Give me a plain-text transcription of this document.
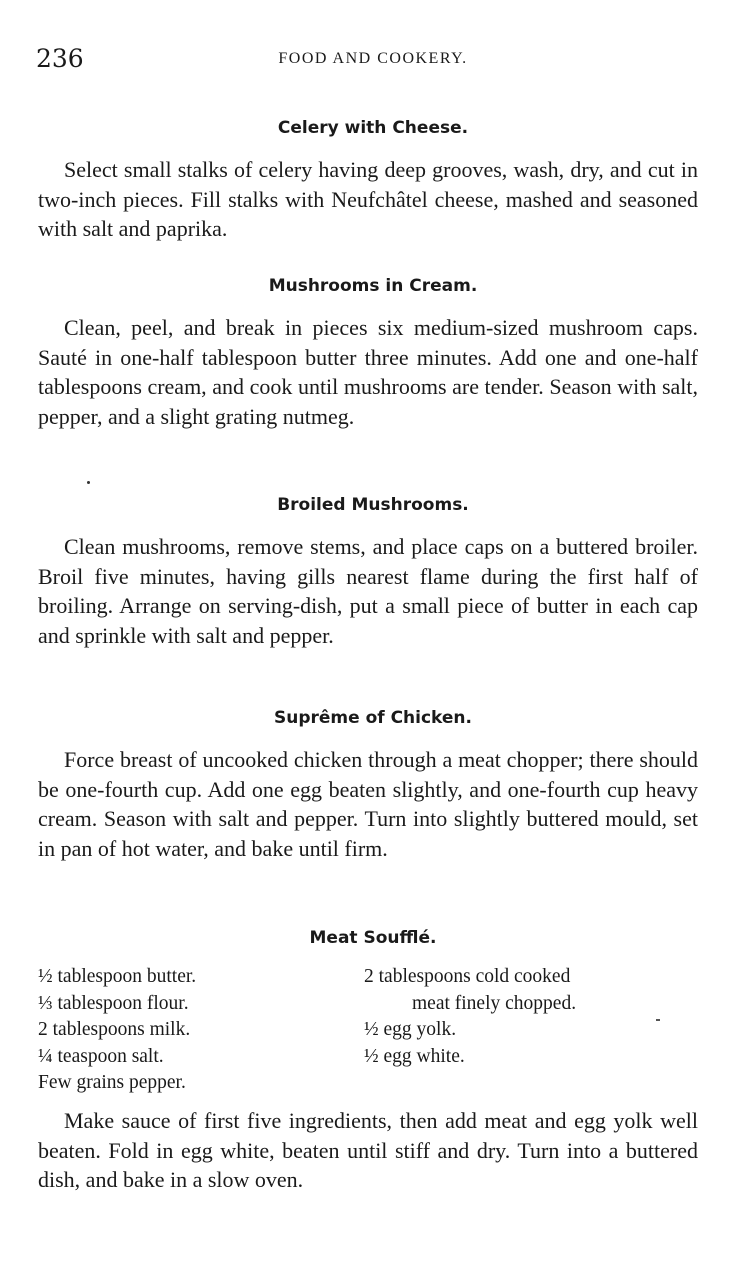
236	FOOD AND COOKERY.
Celery with Cheese.

Select small stalks of celery having deep grooves, wash, dry, and cut in two-inch pieces. Fill stalks with Neufchâtel cheese, mashed and seasoned with salt and paprika.

Mushrooms in Cream.

Clean, peel, and break in pieces six medium-sized mushroom caps. Sauté in one-half tablespoon butter three minutes. Add one and one-half tablespoons cream, and cook until mushrooms are tender. Season with salt, pepper, and a slight grating nutmeg.

Broiled Mushrooms.

Clean mushrooms, remove stems, and place caps on a buttered broiler. Broil five minutes, having gills nearest flame during the first half of broiling. Arrange on serving-dish, put a small piece of butter in each cap and sprinkle with salt and pepper.

Suprême of Chicken.

Force breast of uncooked chicken through a meat chopper; there should be one-fourth cup. Add one egg beaten slightly, and one-fourth cup heavy cream. Season with salt and pepper. Turn into slightly buttered mould, set in pan of hot water, and bake until firm.

Meat Soufflé.
½ tablespoon butter.
⅓ tablespoon flour.
2 tablespoons milk.
¼ teaspoon salt.
Few grains pepper.
2 tablespoons cold cooked
meat finely chopped.
½ egg yolk.
½ egg white.

Make sauce of first five ingredients, then add meat and egg yolk well beaten. Fold in egg white, beaten until stiff and dry. Turn into a buttered dish, and bake in a slow oven.
